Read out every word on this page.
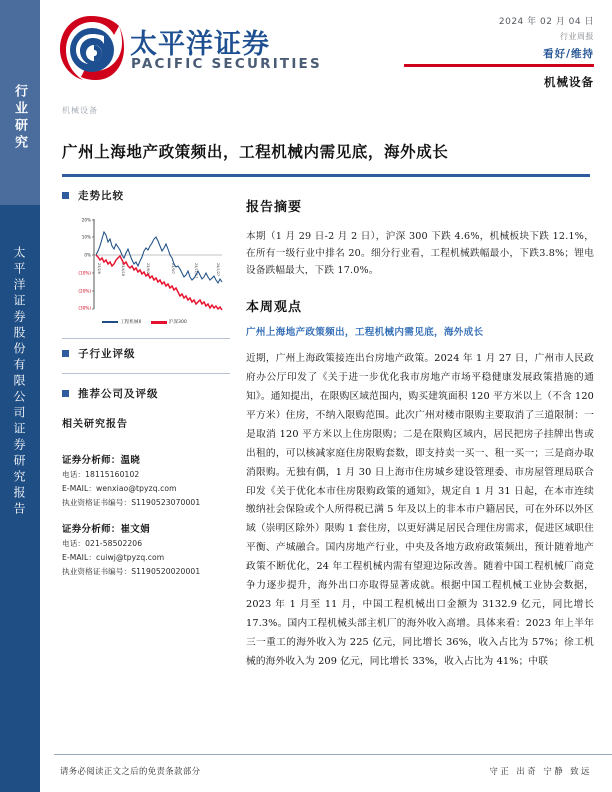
行业研究
太平洋证券股份有限公司证券研究报告
太平洋证券
PACIFIC SECURITIES
机械设备
2024 年 02 月 04 日
行业周报
看好/维持
机械设备
广州上海地产政策频出，工程机械内需见底，海外成长
走势比较
20%
10%
0%
(10%)
(20%)
(30%)
23/2/6	23/4/18	23/6/28	23/9/7	23/11/17	24/1/27
工程机械Ⅱ	沪深300
子行业评级
推荐公司及评级
相关研究报告
证券分析师：温晓
电话：18115160102
E-MAIL：wenxiao@tpyzq.com
执业资格证书编号：S1190523070001
证券分析师：崔文娟
电话：021-58502206
E-MAIL：cuiwj@tpyzq.com
执业资格证书编号：S1190520020001
报告摘要
本期（1 月 29 日-2 月 2 日），沪深 300 下跌 4.6%，机械板块下跌 12.1%，在所有一级行业中排名 20。细分行业看，工程机械跌幅最小，下跌3.8%；锂电设备跌幅最大，下跌 17.0%。
本周观点
广州上海地产政策频出，工程机械内需见底，海外成长
近期，广州上海政策接连出台房地产政策。2024 年 1 月 27 日，广州市人民政府办公厅印发了《关于进一步优化我市房地产市场平稳健康发展政策措施的通知》。通知提出，在限购区域范围内，购买建筑面积 120 平方米以上（不含 120 平方米）住房，不纳入限购范围。此次广州对楼市限购主要取消了三道限制：一是取消 120 平方米以上住房限购；二是在限购区域内，居民把房子挂牌出售或出租的，可以核减家庭住房限购套数，即支持卖一买一、租一买一；三是商办取消限购。无独有偶，1 月 30 日上海市住房城乡建设管理委、市房屋管理局联合印发《关于优化本市住房限购政策的通知》，规定自 1 月 31 日起，在本市连续缴纳社会保险或个人所得税已满 5 年及以上的非本市户籍居民，可在外环以外区域（崇明区除外）限购 1 套住房，以更好满足居民合理住房需求，促进区域职住平衡、产城融合。国内房地产行业，中央及各地方政府政策频出，预计随着地产政策不断优化，24 年工程机械内需有望迎边际改善。随着中国工程机械厂商竞争力逐步提升，海外出口亦取得显著成就。根据中国工程机械工业协会数据，2023 年 1 月至 11 月，中国工程机械出口金额为 3132.9 亿元，同比增长 17.3%。国内工程机械头部主机厂的海外收入高增。具体来看：2023 年上半年三一重工的海外收入为 225 亿元，同比增长 36%，收入占比为 57%；徐工机械的海外收入为 209 亿元，同比增长 33%，收入占比为 41%；中联
请务必阅读正文之后的免责条款部分	守正 出奇 宁静 致远
